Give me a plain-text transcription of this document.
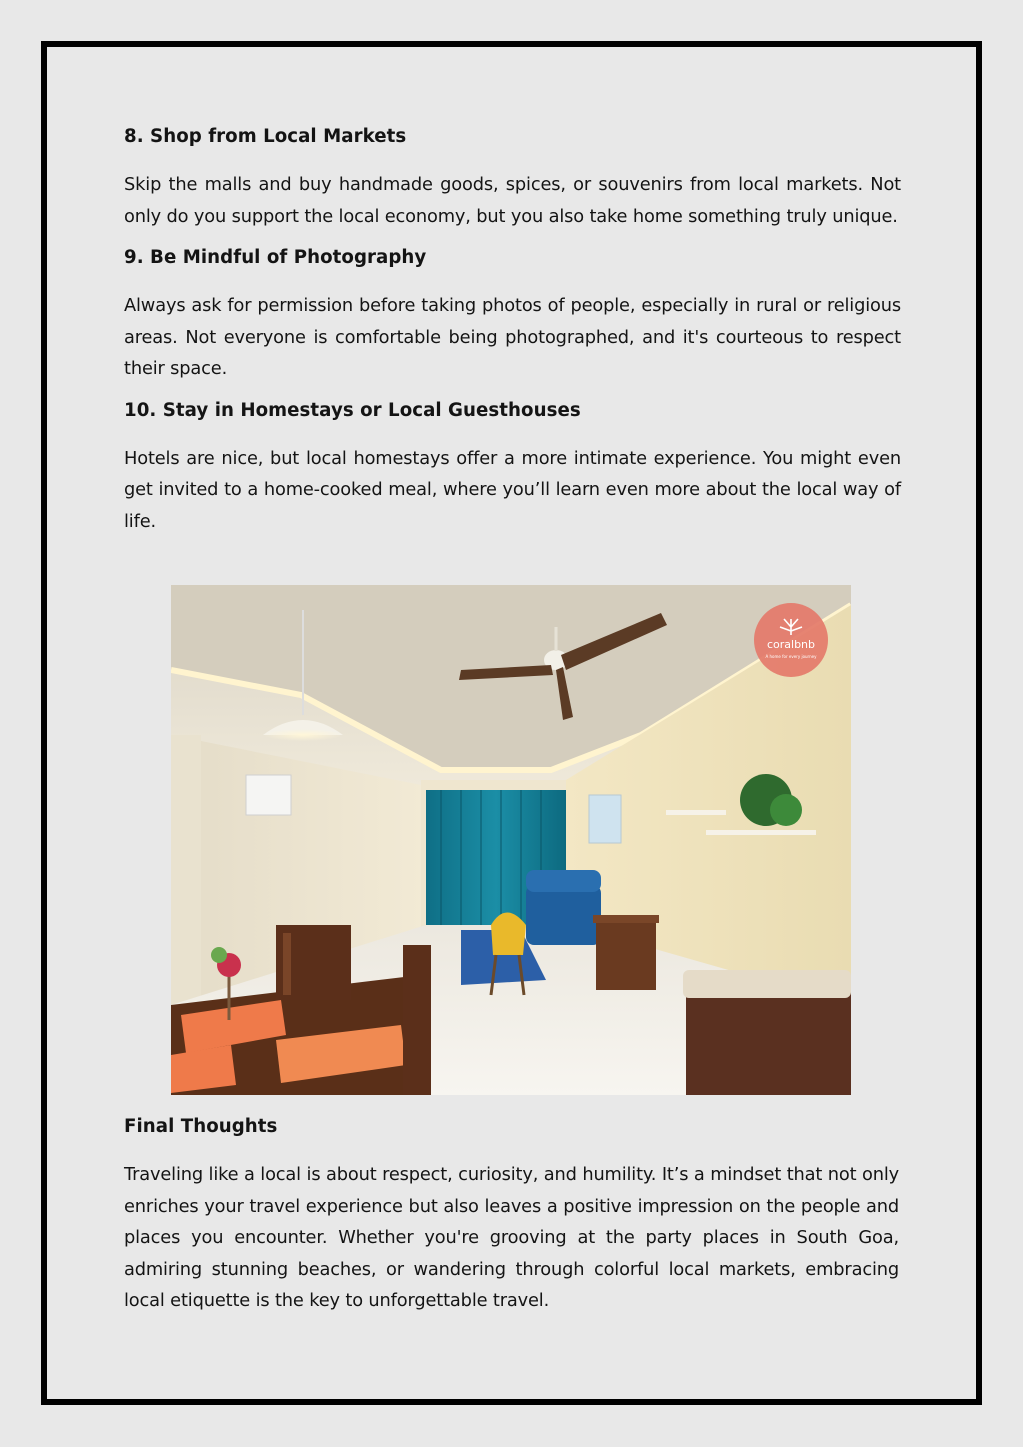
8. Shop from Local Markets
Skip the malls and buy handmade goods, spices, or souvenirs from local markets. Not only do you support the local economy, but you also take home something truly unique.
9. Be Mindful of Photography
Always ask for permission before taking photos of people, especially in rural or religious areas. Not everyone is comfortable being photographed, and it's courteous to respect their space.
10. Stay in Homestays or Local Guesthouses
Hotels are nice, but local homestays offer a more intimate experience. You might even get invited to a home-cooked meal, where you’ll learn even more about the local way of life.
coralbnb
A home for every journey
Final Thoughts
Traveling like a local is about respect, curiosity, and humility. It’s a mindset that not only enriches your travel experience but also leaves a positive impression on the people and places you encounter. Whether you're grooving at the party places in South Goa, admiring stunning beaches, or wandering through colorful local markets, embracing local etiquette is the key to unforgettable travel.
